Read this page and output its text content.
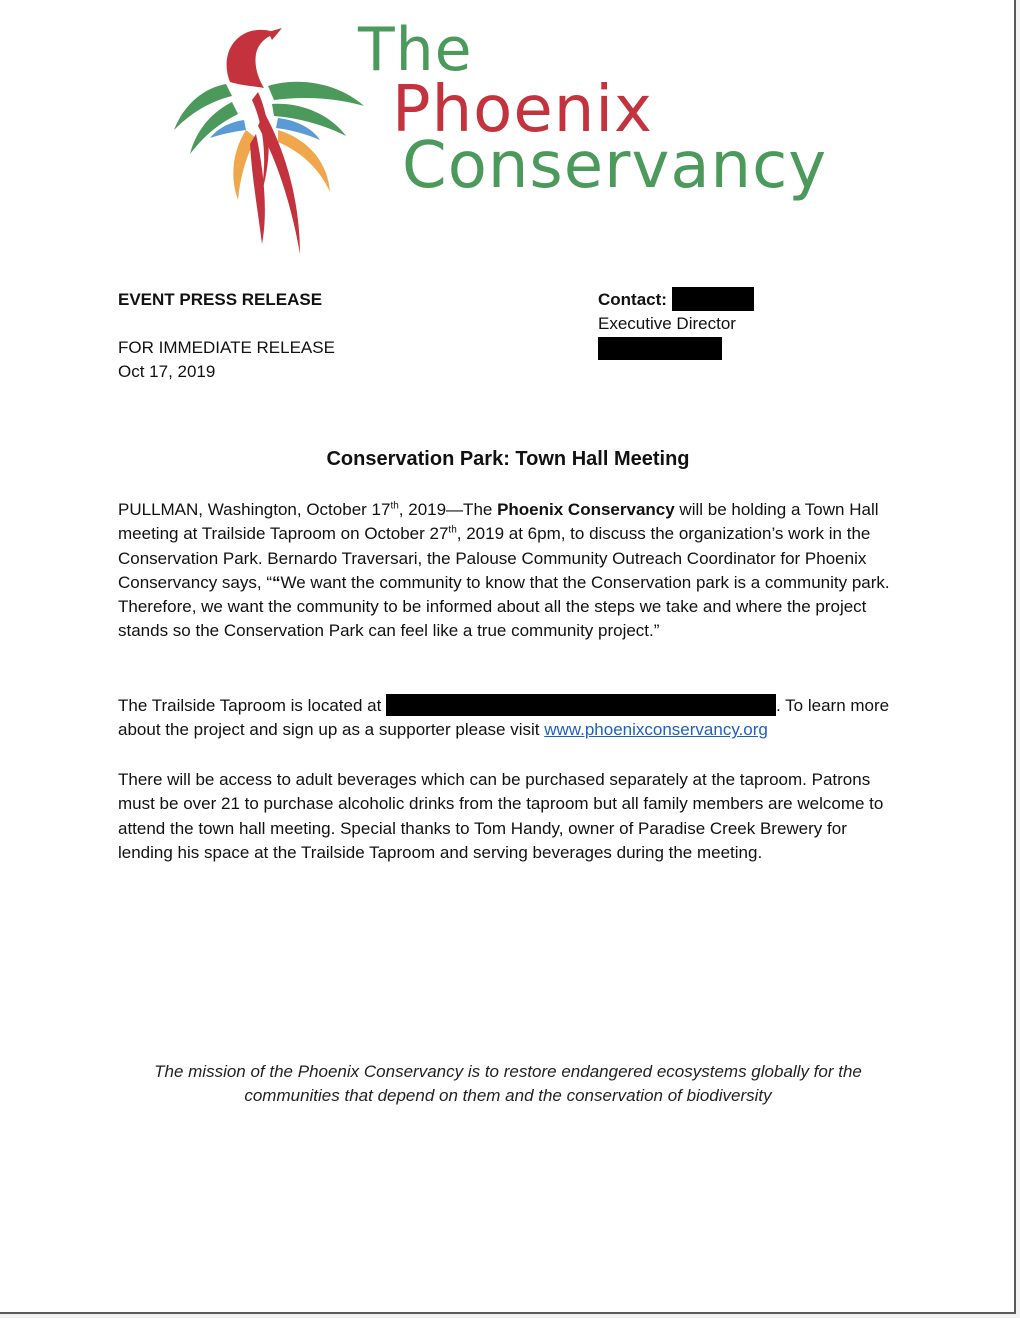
The
Phoenix
Conservancy
EVENT PRESS RELEASE
FOR IMMEDIATE RELEASE
Oct 17, 2019
Contact:
Executive Director
Conservation Park: Town Hall Meeting
PULLMAN, Washington, October 17th, 2019—The Phoenix Conservancy will be holding a Town Hall meeting at Trailside Taproom on October 27th, 2019 at 6pm, to discuss the organization’s work in the Conservation Park. Bernardo Traversari, the Palouse Community Outreach Coordinator for Phoenix Conservancy says, ““We want the community to know that the Conservation park is a community park. Therefore, we want the community to be informed about all the steps we take and where the project stands so the Conservation Park can feel like a true community project.”
The Trailside Taproom is located at	. To learn more about the project and sign up as a supporter please visit www.phoenixconservancy.org
There will be access to adult beverages which can be purchased separately at the taproom. Patrons must be over 21 to purchase alcoholic drinks from the taproom but all family members are welcome to attend the town hall meeting. Special thanks to Tom Handy, owner of Paradise Creek Brewery for lending his space at the Trailside Taproom and serving beverages during the meeting.
The mission of the Phoenix Conservancy is to restore endangered ecosystems globally for the
communities that depend on them and the conservation of biodiversity
